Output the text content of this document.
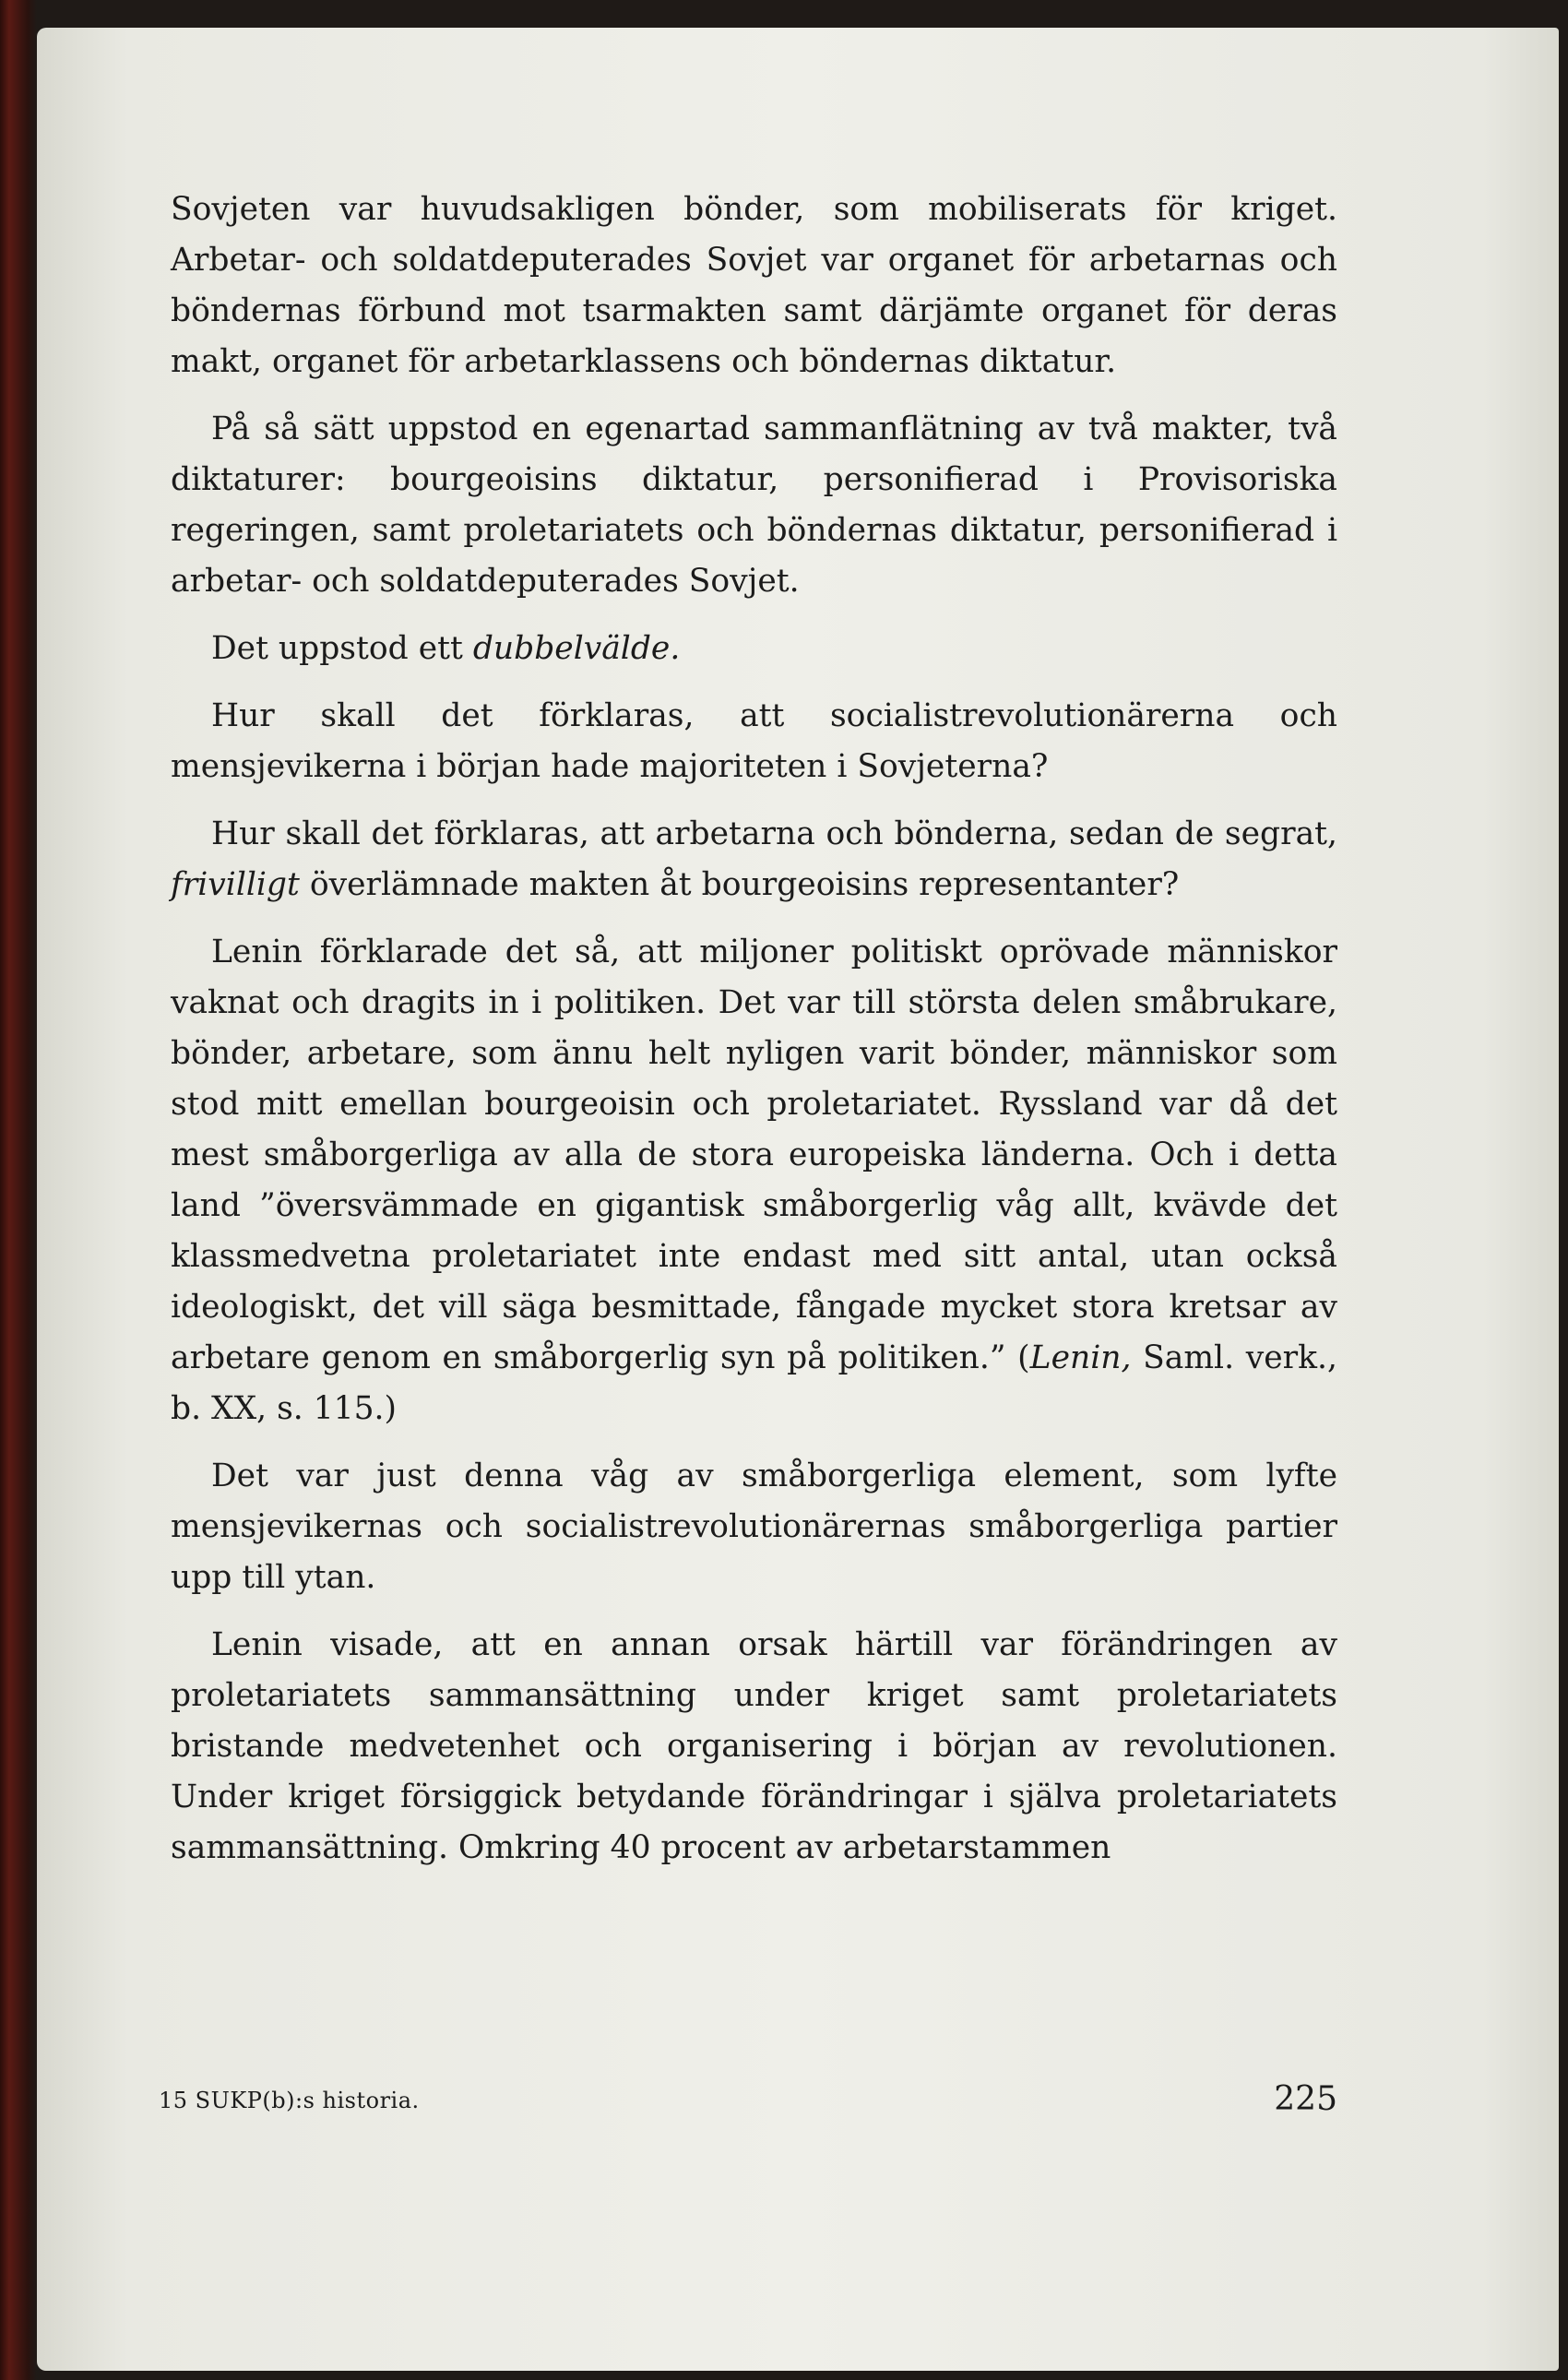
Sovjeten var huvudsakligen bönder, som mobiliserats för kriget. Arbetar- och soldatdeputerades Sovjet var organet för arbetarnas och böndernas förbund mot tsarmakten samt därjämte organet för deras makt, organet för arbetarklassens och böndernas diktatur.

På så sätt uppstod en egenartad sammanflätning av två makter, två diktaturer: bourgeoisins diktatur, personifierad i Provisoriska regeringen, samt proletariatets och böndernas diktatur, personifierad i arbetar- och soldatdeputerades Sovjet.

Det uppstod ett dubbelvälde.

Hur skall det förklaras, att socialistrevolutionärerna och mensjevikerna i början hade majoriteten i Sovjeterna?

Hur skall det förklaras, att arbetarna och bönderna, sedan de segrat, frivilligt överlämnade makten åt bourgeoisins representanter?

Lenin förklarade det så, att miljoner politiskt oprövade människor vaknat och dragits in i politiken. Det var till största delen småbrukare, bönder, arbetare, som ännu helt nyligen varit bönder, människor som stod mitt emellan bourgeoisin och proletariatet. Ryssland var då det mest småborgerliga av alla de stora europeiska länderna. Och i detta land ”översvämmade en gigantisk småborgerlig våg allt, kvävde det klassmedvetna proletariatet inte endast med sitt antal, utan också ideologiskt, det vill säga besmittade, fångade mycket stora kretsar av arbetare genom en småborgerlig syn på politiken.” (Lenin, Saml. verk., b. XX, s. 115.)

Det var just denna våg av småborgerliga element, som lyfte mensjevikernas och socialistrevolutionärernas småborgerliga partier upp till ytan.

Lenin visade, att en annan orsak härtill var förändringen av proletariatets sammansättning under kriget samt proletariatets bristande medvetenhet och organisering i början av revolutionen. Under kriget försiggick betydande förändringar i själva proletariatets sammansättning. Omkring 40 procent av arbetarstammen

15 SUKP(b):s historia.	225
